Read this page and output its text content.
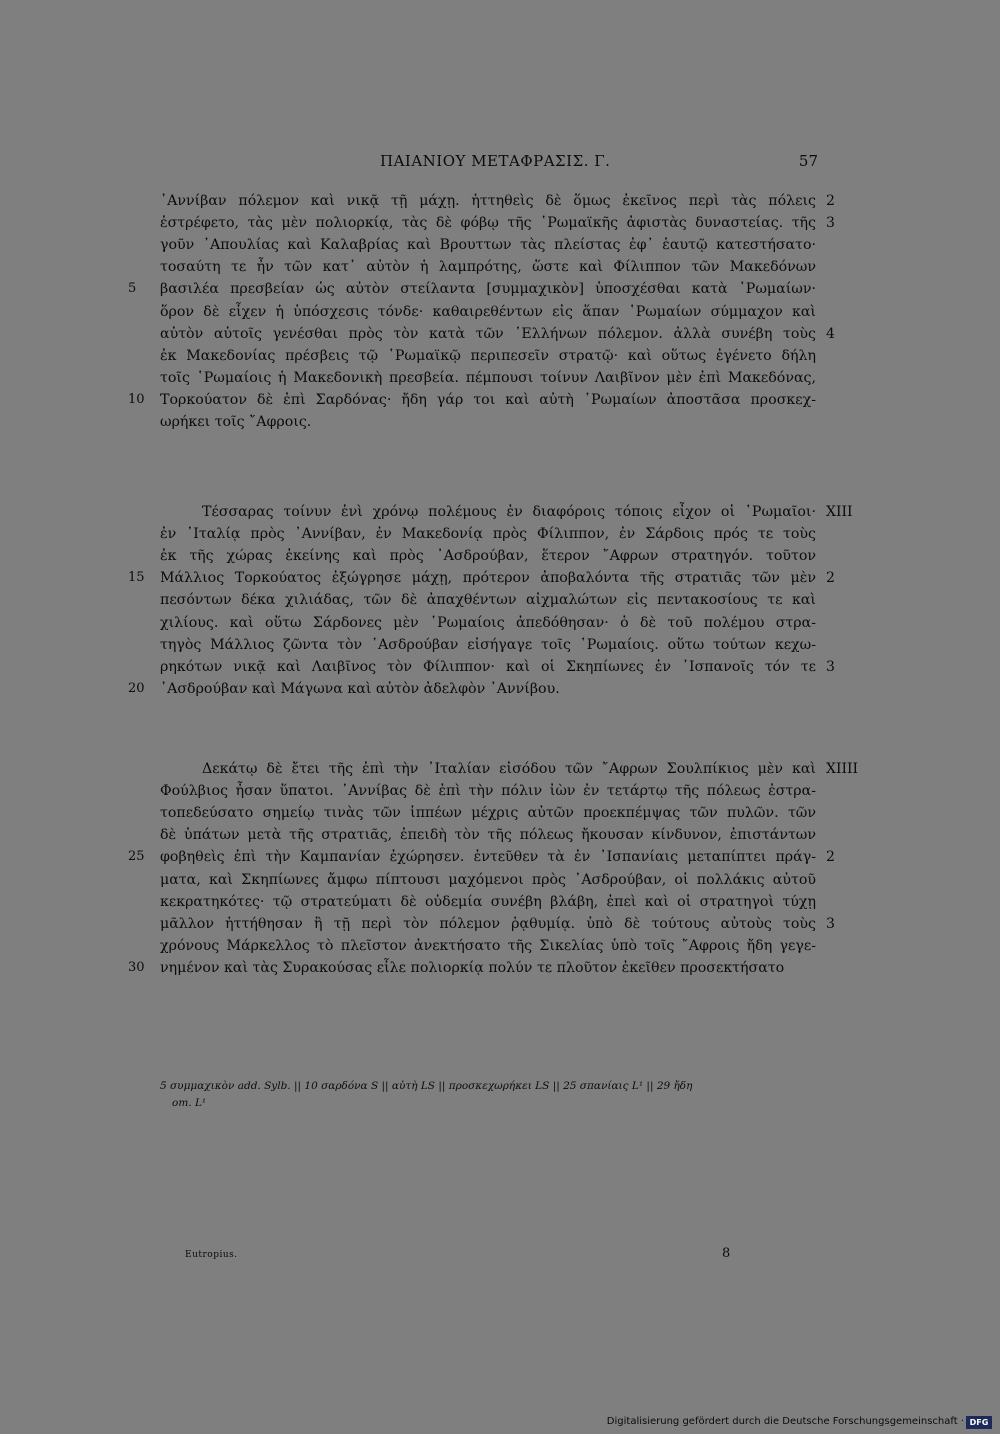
ΠΑΙΑΝΙΟΥ ΜΕΤΑΦΡΑΣΙΣ. Γ.	57
᾿Αννίβαν πόλεμον καὶ νικᾷ τῇ μάχῃ. ἡττηθεὶς δὲ ὅμως ἐκεῖνος περὶ τὰς πόλεις 2
ἐστρέφετο, τὰς μὲν πολιορκίᾳ, τὰς δὲ φόβῳ τῆς ῾Ρωμαϊκῆς ἀφιστὰς δυναστείας. τῆς 3
γοῦν ᾿Απουλίας καὶ Καλαβρίας καὶ Βρουττων τὰς πλείστας ἐφ᾿ ἑαυτῷ κατεστήσατο·
τοσαύτη τε ἦν τῶν κατ᾿ αὐτὸν ἡ λαμπρότης, ὥστε καὶ Φίλιππον τῶν Μακεδόνων
βασιλέα πρεσβείαν ὡς αὐτὸν στείλαντα [συμμαχικὸν] ὑποσχέσθαι κατὰ ῾Ρωμαίων·
5
ὅρον δὲ εἶχεν ἡ ὑπόσχεσις τόνδε· καθαιρεθέντων εἰς ἅπαν ῾Ρωμαίων σύμμαχον καὶ
αὐτὸν αὐτοῖς γενέσθαι πρὸς τὸν κατὰ τῶν ῾Ελλήνων πόλεμον. ἀλλὰ συνέβη τοὺς 4
ἐκ Μακεδονίας πρέσβεις τῷ ῾Ρωμαϊκῷ περιπεσεῖν στρατῷ· καὶ οὕτως ἐγένετο δήλη
τοῖς ῾Ρωμαίοις ἡ Μακεδονικὴ πρεσβεία. πέμπουσι τοίνυν Λαιβῖνον μὲν ἐπὶ Μακεδόνας,
Τορκούατον δὲ ἐπὶ Σαρδόνας· ἤδη γάρ τοι καὶ αὐτὴ ῾Ρωμαίων ἀποστᾶσα προσκεχ-
10
ωρήκει τοῖς ῎Αφροις.
Τέσσαρας τοίνυν ἑνὶ χρόνῳ πολέμους ἐν διαφόροις τόποις εἶχον οἱ ῾Ρωμαῖοι· XIII
ἐν ᾿Ιταλίᾳ πρὸς ᾿Αννίβαν, ἐν Μακεδονίᾳ πρὸς Φίλιππον, ἐν Σάρδοις πρός τε τοὺς
ἐκ τῆς χώρας ἐκείνης καὶ πρὸς ᾿Ασδρούβαν, ἕτερον ῎Αφρων στρατηγόν. τοῦτον
Μάλλιος Τορκούατος ἐξώγρησε μάχῃ, πρότερον ἀποβαλόντα τῆς στρατιᾶς τῶν μὲν
15	2
πεσόντων δέκα χιλιάδας, τῶν δὲ ἀπαχθέντων αἰχμαλώτων εἰς πεντακοσίους τε καὶ
χιλίους. καὶ οὕτω Σάρδονες μὲν ῾Ρωμαίοις ἀπεδόθησαν· ὁ δὲ τοῦ πολέμου στρα-
τηγὸς Μάλλιος ζῶντα τὸν ᾿Ασδρούβαν εἰσήγαγε τοῖς ῾Ρωμαίοις. οὕτω τούτων κεχω-
ρηκότων νικᾷ καὶ Λαιβῖνος τὸν Φίλιππον· καὶ οἱ Σκηπίωνες ἐν ᾿Ισπανοῖς τόν τε 3
᾿Ασδρούβαν καὶ Μάγωνα καὶ αὐτὸν ἀδελφὸν ᾿Αννίβου.
20
Δεκάτῳ δὲ ἔτει τῆς ἐπὶ τὴν ᾿Ιταλίαν εἰσόδου τῶν ῎Αφρων Σουλπίκιος μὲν καὶ XIIII
Φούλβιος ἦσαν ὕπατοι. ᾿Αννίβας δὲ ἐπὶ τὴν πόλιν ἰὼν ἐν τετάρτῳ τῆς πόλεως ἐστρα-
τοπεδεύσατο σημείῳ τινὰς τῶν ἱππέων μέχρις αὐτῶν προεκπέμψας τῶν πυλῶν. τῶν
δὲ ὑπάτων μετὰ τῆς στρατιᾶς, ἐπειδὴ τὸν τῆς πόλεως ἤκουσαν κίνδυνον, ἐπιστάντων
φοβηθεὶς ἐπὶ τὴν Καμπανίαν ἐχώρησεν. ἐντεῦθεν τὰ ἐν ᾿Ισπανίαις μεταπίπτει πράγ-
25	2
ματα, καὶ Σκηπίωνες ἄμφω πίπτουσι μαχόμενοι πρὸς ᾿Ασδρούβαν, οἱ πολλάκις αὐτοῦ
κεκρατηκότες· τῷ στρατεύματι δὲ οὐδεμία συνέβη βλάβη, ἐπεὶ καὶ οἱ στρατηγοὶ τύχῃ
μᾶλλον ἡττήθησαν ἢ τῇ περὶ τὸν πόλεμον ῥᾳθυμίᾳ. ὑπὸ δὲ τούτους αὐτοὺς τοὺς 3
χρόνους Μάρκελλος τὸ πλεῖστον ἀνεκτήσατο τῆς Σικελίας ὑπὸ τοῖς ῎Αφροις ἤδη γεγε-
νημένον καὶ τὰς Συρακούσας εἷλε πολιορκίᾳ πολύν τε πλοῦτον ἐκεῖθεν προσεκτήσατο
30
5 συμμαχικὸν add. Sylb. || 10 σαρδόνα S || αὐτὴ LS || προσκεχωρήκει LS || 25 σπανίαις L¹ || 29 ἤδη
om. L¹
Eutropius.	8
Digitalisierung gefördert durch die Deutsche Forschungsgemeinschaft · DFG
